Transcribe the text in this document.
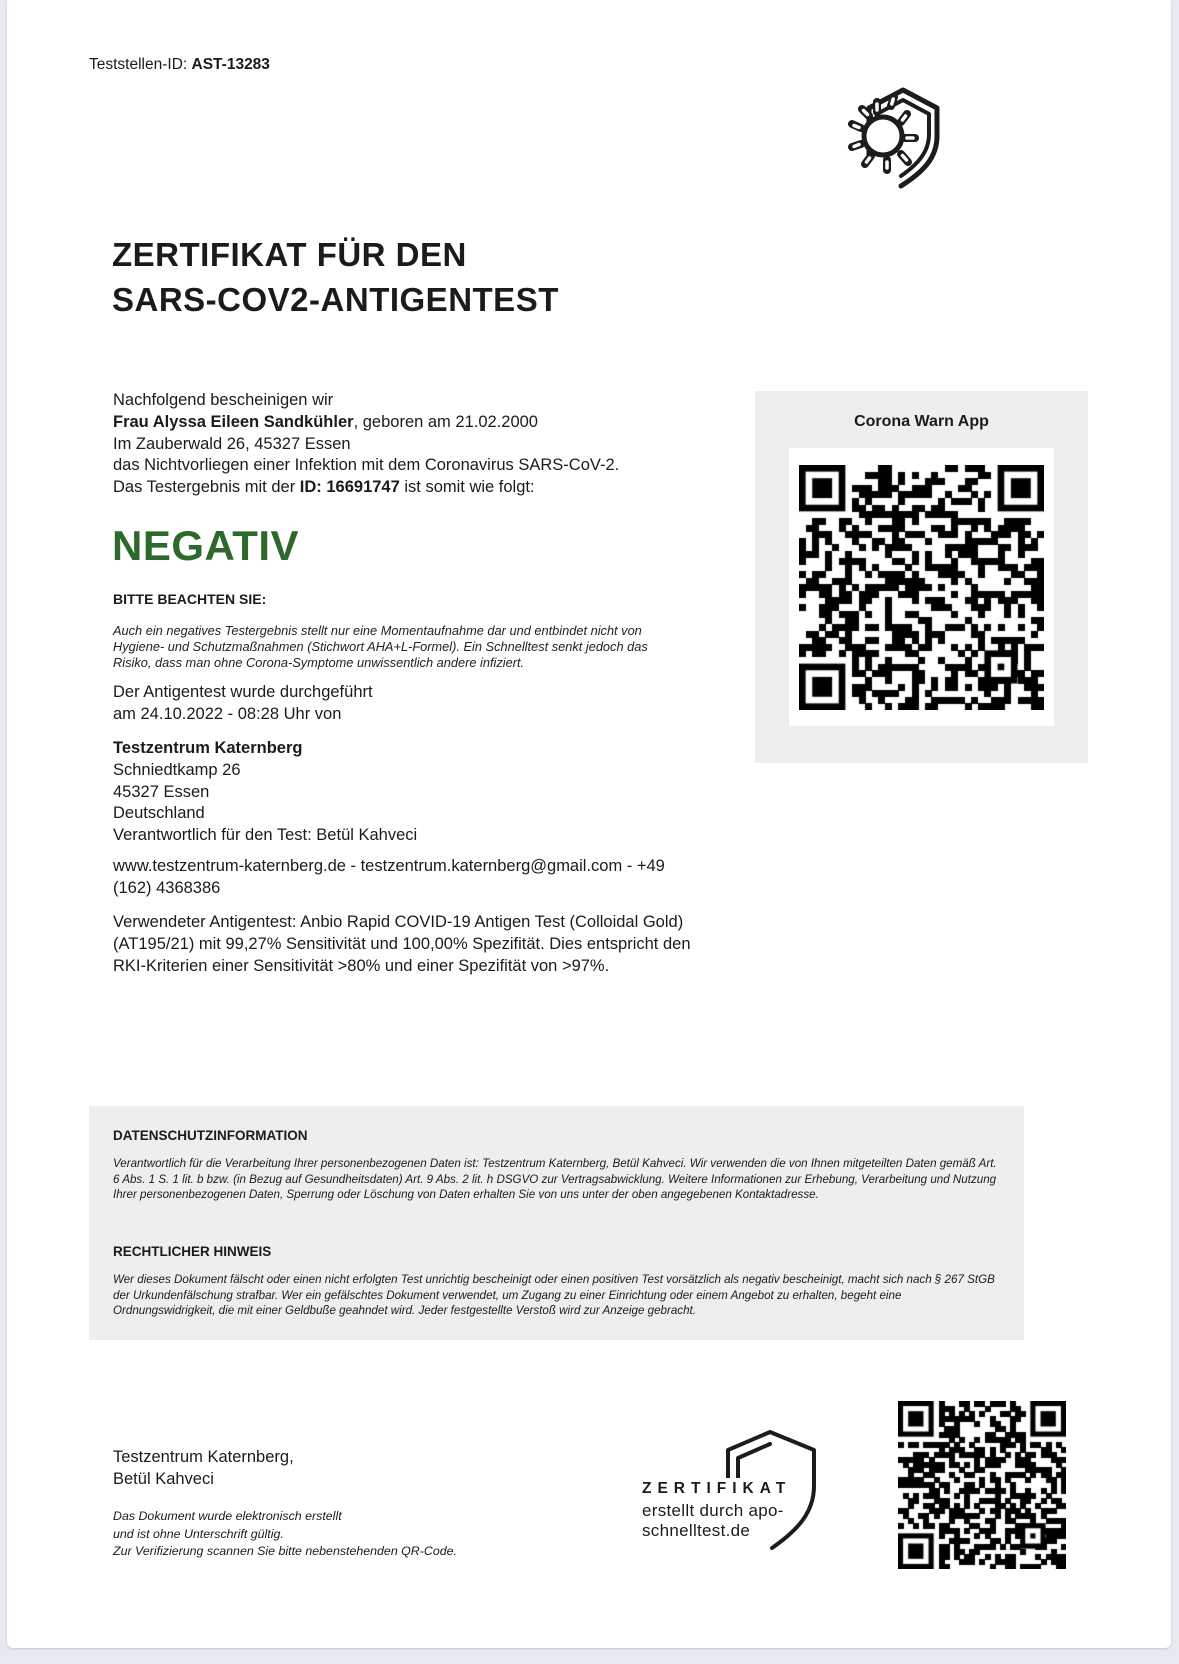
Teststellen-ID: AST-13283
ZERTIFIKAT FÜR DEN
SARS-COV2-ANTIGENTEST
Nachfolgend bescheinigen wir
Frau Alyssa Eileen Sandkühler, geboren am 21.02.2000
Im Zauberwald 26, 45327 Essen
das Nichtvorliegen einer Infektion mit dem Coronavirus SARS-CoV-2.
Das Testergebnis mit der ID: 16691747 ist somit wie folgt:
NEGATIV
BITTE BEACHTEN SIE:
Auch ein negatives Testergebnis stellt nur eine Momentaufnahme dar und entbindet nicht von Hygiene- und Schutzmaßnahmen (Stichwort AHA+L-Formel). Ein Schnelltest senkt jedoch das Risiko, dass man ohne Corona-Symptome unwissentlich andere infiziert.
Der Antigentest wurde durchgeführt
am 24.10.2022 - 08:28 Uhr von
Testzentrum Katernberg
Schniedtkamp 26
45327 Essen
Deutschland
Verantwortlich für den Test: Betül Kahveci
www.testzentrum-katernberg.de - testzentrum.katernberg@gmail.com - +49 (162) 4368386
Verwendeter Antigentest: Anbio Rapid COVID-19 Antigen Test (Colloidal Gold) (AT195/21) mit 99,27% Sensitivität und 100,00% Spezifität. Dies entspricht den RKI-Kriterien einer Sensitivität >80% und einer Spezifität von >97%.
Corona Warn App
DATENSCHUTZINFORMATION
Verantwortlich für die Verarbeitung Ihrer personenbezogenen Daten ist: Testzentrum Katernberg, Betül Kahveci. Wir verwenden die von Ihnen mitgeteilten Daten gemäß Art. 6 Abs. 1 S. 1 lit. b bzw. (in Bezug auf Gesundheitsdaten) Art. 9 Abs. 2 lit. h DSGVO zur Vertragsabwicklung. Weitere Informationen zur Erhebung, Verarbeitung und Nutzung Ihrer personenbezogenen Daten, Sperrung oder Löschung von Daten erhalten Sie von uns unter der oben angegebenen Kontaktadresse.
RECHTLICHER HINWEIS
Wer dieses Dokument fälscht oder einen nicht erfolgten Test unrichtig bescheinigt oder einen positiven Test vorsätzlich als negativ bescheinigt, macht sich nach § 267 StGB der Urkundenfälschung strafbar. Wer ein gefälschtes Dokument verwendet, um Zugang zu einer Einrichtung oder einem Angebot zu erhalten, begeht eine Ordnungswidrigkeit, die mit einer Geldbuße geahndet wird. Jeder festgestellte Verstoß wird zur Anzeige gebracht.
Testzentrum Katernberg,
Betül Kahveci
Das Dokument wurde elektronisch erstellt
und ist ohne Unterschrift gültig.
Zur Verifizierung scannen Sie bitte nebenstehenden QR-Code.
ZERTIFIKAT
erstellt durch apo-
schnelltest.de
